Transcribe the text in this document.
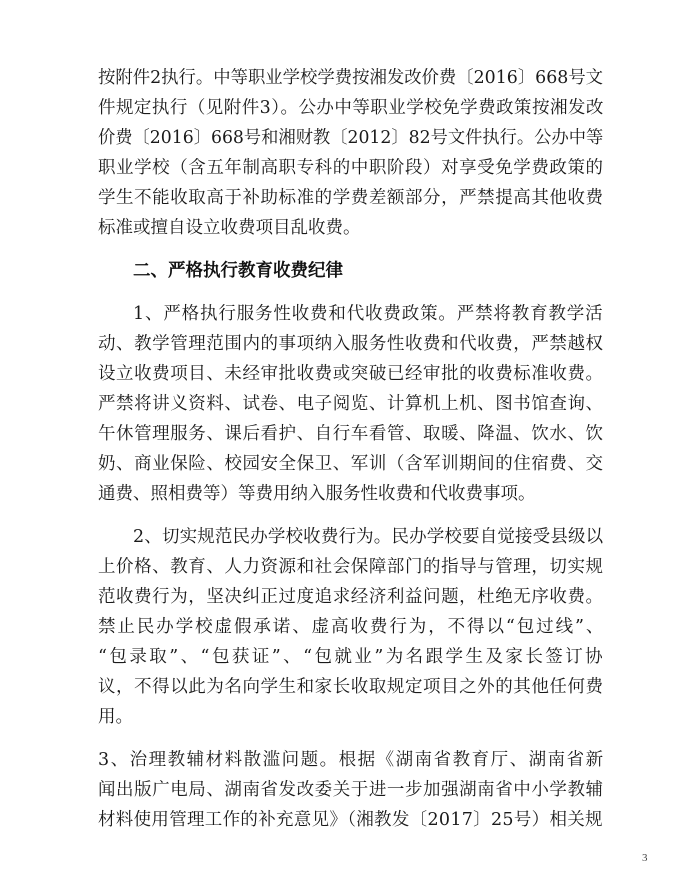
按附件2执行。中等职业学校学费按湘发改价费〔2016〕668号文
件规定执行（见附件3）。公办中等职业学校免学费政策按湘发改
价费〔2016〕668号和湘财教〔2012〕82号文件执行。公办中等
职业学校（含五年制高职专科的中职阶段）对享受免学费政策的
学生不能收取高于补助标准的学费差额部分，严禁提高其他收费
标准或擅自设立收费项目乱收费。
二、严格执行教育收费纪律
1、严格执行服务性收费和代收费政策。严禁将教育教学活
动、教学管理范围内的事项纳入服务性收费和代收费，严禁越权
设立收费项目、未经审批收费或突破已经审批的收费标准收费。
严禁将讲义资料、试卷、电子阅览、计算机上机、图书馆查询、
午休管理服务、课后看护、自行车看管、取暖、降温、饮水、饮
奶、商业保险、校园安全保卫、军训（含军训期间的住宿费、交
通费、照相费等）等费用纳入服务性收费和代收费事项。
2、切实规范民办学校收费行为。民办学校要自觉接受县级以
上价格、教育、人力资源和社会保障部门的指导与管理，切实规
范收费行为，坚决纠正过度追求经济利益问题，杜绝无序收费。
禁止民办学校虚假承诺、虚高收费行为，不得以“包过线”、
“包录取”、“包获证”、“包就业”为名跟学生及家长签订协
议，不得以此为名向学生和家长收取规定项目之外的其他任何费
用。
3、治理教辅材料散滥问题。根据《湖南省教育厅、湖南省新
闻出版广电局、湖南省发改委关于进一步加强湖南省中小学教辅
材料使用管理工作的补充意见》（湘教发〔2017〕25号）相关规
3
